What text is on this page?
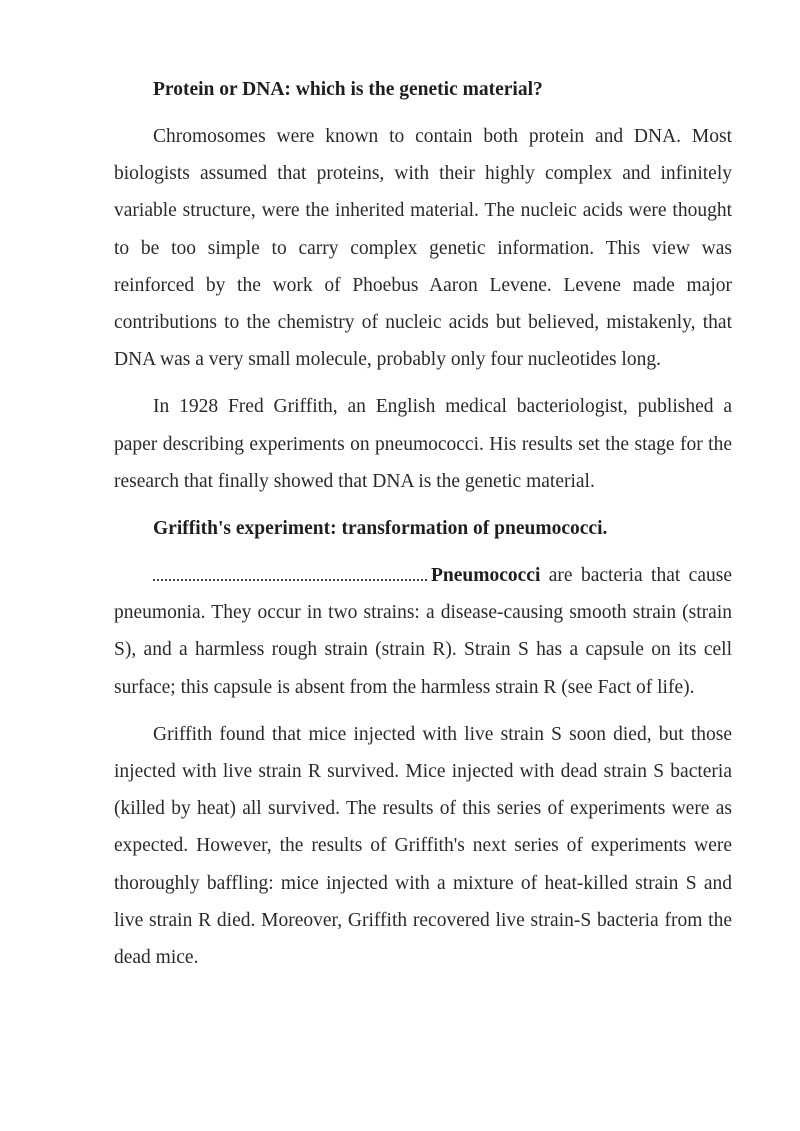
Protein or DNA: which is the genetic material?

Chromosomes were known to contain both protein and DNA. Most biologists assumed that proteins, with their highly complex and infinitely variable structure, were the inherited material. The nucleic acids were thought to be too simple to carry complex genetic information. This view was reinforced by the work of Phoebus Aaron Levene. Levene made major contributions to the chemistry of nucleic acids but believed, mistakenly, that DNA was a very small molecule, probably only four nucleotides long.

In 1928 Fred Griffith, an English medical bacteriologist, published a paper describing experiments on pneumococci. His results set the stage for the research that finally showed that DNA is the genetic material.

Griffith's experiment: transformation of pneumococci.

Pneumococci are bacteria that cause pneumonia. They occur in two strains: a disease-causing smooth strain (strain S), and a harmless rough strain (strain R). Strain S has a capsule on its cell surface; this capsule is absent from the harmless strain R (see Fact of life).

Griffith found that mice injected with live strain S soon died, but those injected with live strain R survived. Mice injected with dead strain S bacteria (killed by heat) all survived. The results of this series of experiments were as expected. However, the results of Griffith's next series of experiments were thoroughly baffling: mice injected with a mixture of heat-killed strain S and live strain R died. Moreover, Griffith recovered live strain-S bacteria from the dead mice.
